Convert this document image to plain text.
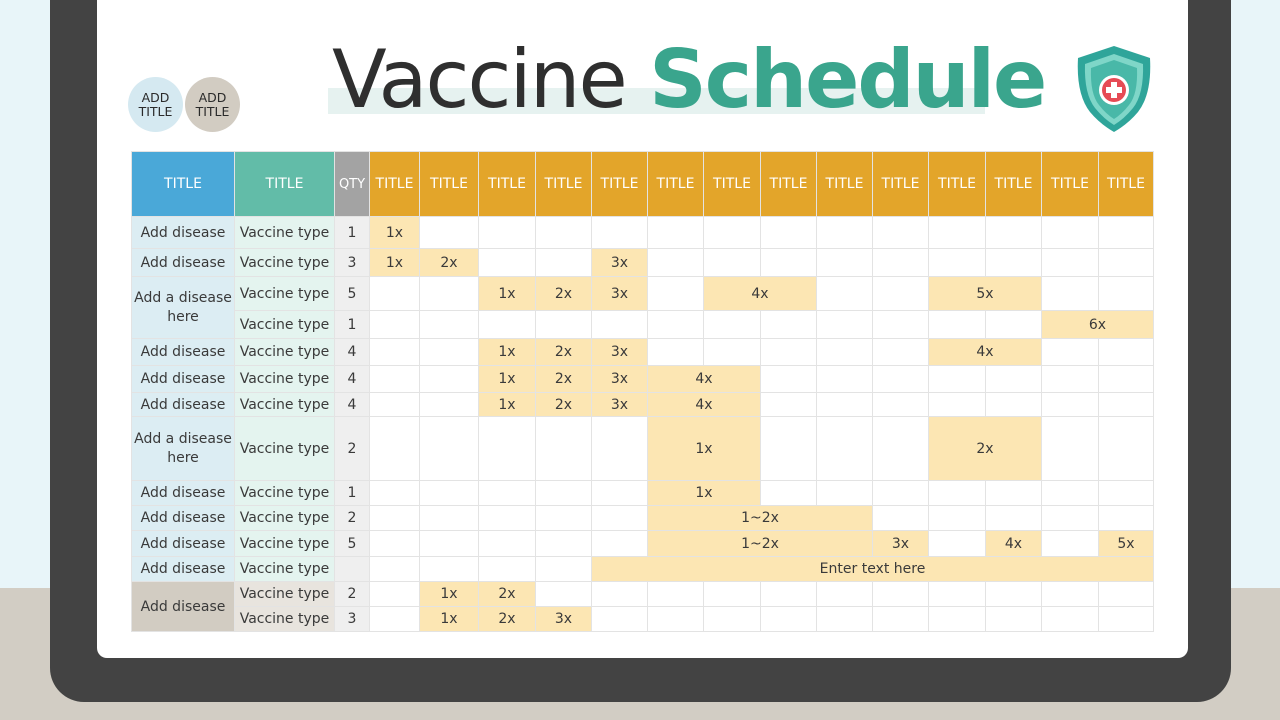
ADD TITLE
ADD TITLE Vaccine Schedule
TITLE	TITLE	QTY	TITLE	TITLE	TITLE	TITLE	TITLE	TITLE	TITLE	TITLE	TITLE	TITLE	TITLE	TITLE	TITLE	TITLE
Add disease	Vaccine type	1	1x													
Add disease	Vaccine type	3	1x	2x			3x									
Add a disease here	Vaccine type	5			1x	2x	3x		4x				5x			
	Vaccine type	1													6x	
Add disease	Vaccine type	4			1x	2x	3x						4x			
Add disease	Vaccine type	4			1x	2x	3x	4x								
Add disease	Vaccine type	4			1x	2x	3x	4x								
Add a disease here	Vaccine type	2						1x					2x			
Add disease	Vaccine type	1						1x								
Add disease	Vaccine type	2						1~2x								
Add disease	Vaccine type	5						1~2x				3x		4x		5x
Add disease	Vaccine type						Enter text here									
Add disease	Vaccine type	2		1x	2x											
	Vaccine type	3		1x	2x	3x										
